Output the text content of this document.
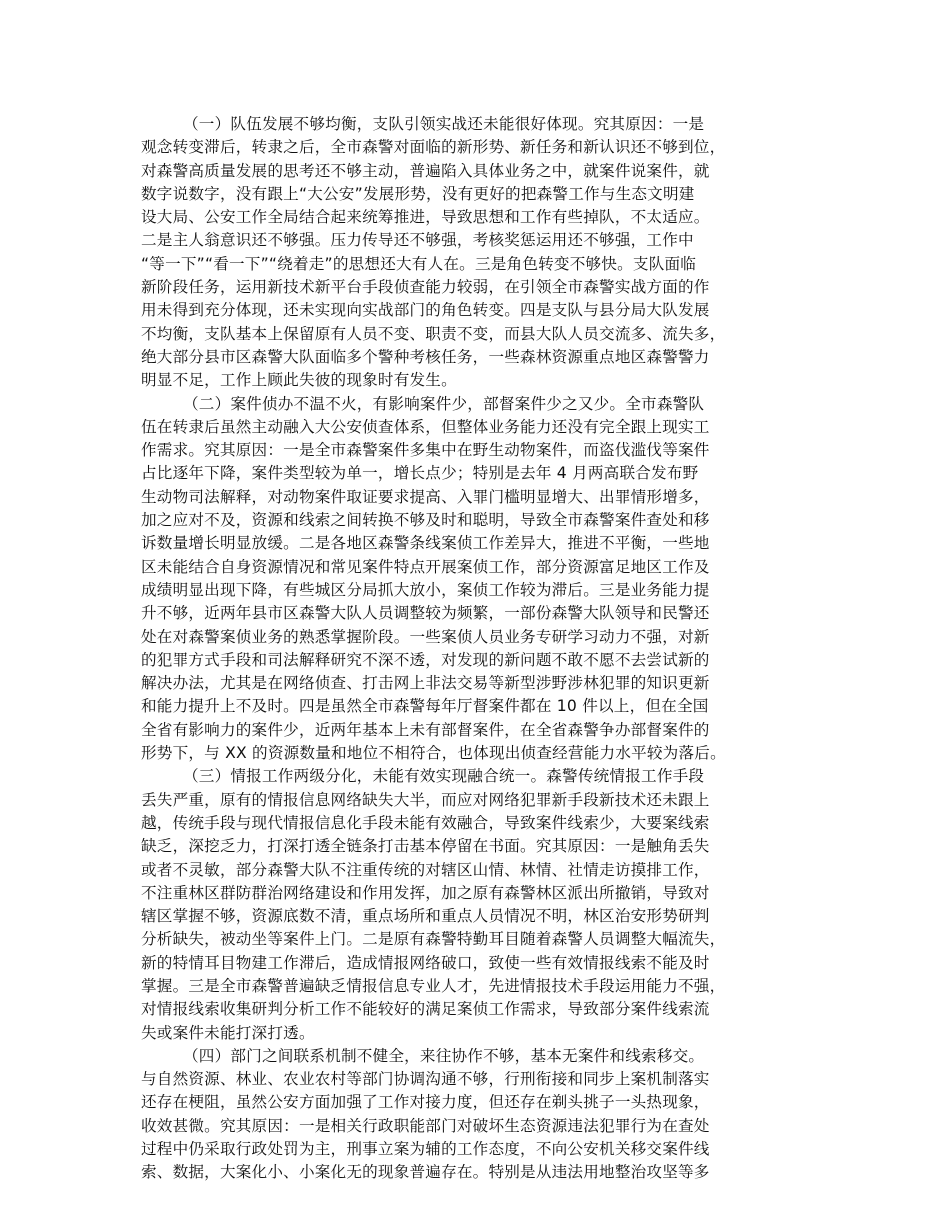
（一）队伍发展不够均衡，支队引领实战还未能很好体现。究其原因：一是
观念转变滞后，转隶之后，全市森警对面临的新形势、新任务和新认识还不够到位，
对森警高质量发展的思考还不够主动，普遍陷入具体业务之中，就案件说案件，就
数字说数字，没有跟上“大公安”发展形势，没有更好的把森警工作与生态文明建
设大局、公安工作全局结合起来统筹推进，导致思想和工作有些掉队，不太适应。
二是主人翁意识还不够强。压力传导还不够强，考核奖惩运用还不够强，工作中
“等一下”“看一下”“绕着走”的思想还大有人在。三是角色转变不够快。支队面临
新阶段任务，运用新技术新平台手段侦查能力较弱，在引领全市森警实战方面的作
用未得到充分体现，还未实现向实战部门的角色转变。四是支队与县分局大队发展
不均衡，支队基本上保留原有人员不变、职责不变，而县大队人员交流多、流失多，
绝大部分县市区森警大队面临多个警种考核任务，一些森林资源重点地区森警警力
明显不足，工作上顾此失彼的现象时有发生。
（二）案件侦办不温不火，有影响案件少，部督案件少之又少。全市森警队
伍在转隶后虽然主动融入大公安侦查体系，但整体业务能力还没有完全跟上现实工
作需求。究其原因：一是全市森警案件多集中在野生动物案件，而盗伐滥伐等案件
占比逐年下降，案件类型较为单一，增长点少；特别是去年 4 月两高联合发布野
生动物司法解释，对动物案件取证要求提高、入罪门槛明显增大、出罪情形增多，
加之应对不及，资源和线索之间转换不够及时和聪明，导致全市森警案件查处和移
诉数量增长明显放缓。二是各地区森警条线案侦工作差异大，推进不平衡，一些地
区未能结合自身资源情况和常见案件特点开展案侦工作，部分资源富足地区工作及
成绩明显出现下降，有些城区分局抓大放小，案侦工作较为滞后。三是业务能力提
升不够，近两年县市区森警大队人员调整较为频繁，一部份森警大队领导和民警还
处在对森警案侦业务的熟悉掌握阶段。一些案侦人员业务专研学习动力不强，对新
的犯罪方式手段和司法解释研究不深不透，对发现的新问题不敢不愿不去尝试新的
解决办法，尤其是在网络侦查、打击网上非法交易等新型涉野涉林犯罪的知识更新
和能力提升上不及时。四是虽然全市森警每年厅督案件都在 10 件以上，但在全国
全省有影响力的案件少，近两年基本上未有部督案件，在全省森警争办部督案件的
形势下，与 XX 的资源数量和地位不相符合，也体现出侦查经营能力水平较为落后。
（三）情报工作两级分化，未能有效实现融合统一。森警传统情报工作手段
丢失严重，原有的情报信息网络缺失大半，而应对网络犯罪新手段新技术还未跟上
越，传统手段与现代情报信息化手段未能有效融合，导致案件线索少，大要案线索
缺乏，深挖乏力，打深打透全链条打击基本停留在书面。究其原因：一是触角丢失
或者不灵敏，部分森警大队不注重传统的对辖区山情、林情、社情走访摸排工作，
不注重林区群防群治网络建设和作用发挥，加之原有森警林区派出所撤销，导致对
辖区掌握不够，资源底数不清，重点场所和重点人员情况不明，林区治安形势研判
分析缺失，被动坐等案件上门。二是原有森警特勤耳目随着森警人员调整大幅流失，
新的特情耳目物建工作滞后，造成情报网络破口，致使一些有效情报线索不能及时
掌握。三是全市森警普遍缺乏情报信息专业人才，先进情报技术手段运用能力不强，
对情报线索收集研判分析工作不能较好的满足案侦工作需求，导致部分案件线索流
失或案件未能打深打透。
（四）部门之间联系机制不健全，来往协作不够，基本无案件和线索移交。
与自然资源、林业、农业农村等部门协调沟通不够，行刑衔接和同步上案机制落实
还存在梗阻，虽然公安方面加强了工作对接力度，但还存在剃头挑子一头热现象，
收效甚微。究其原因：一是相关行政职能部门对破坏生态资源违法犯罪行为在查处
过程中仍采取行政处罚为主，刑事立案为辅的工作态度，不向公安机关移交案件线
索、数据，大案化小、小案化无的现象普遍存在。特别是从违法用地整治攻坚等多
